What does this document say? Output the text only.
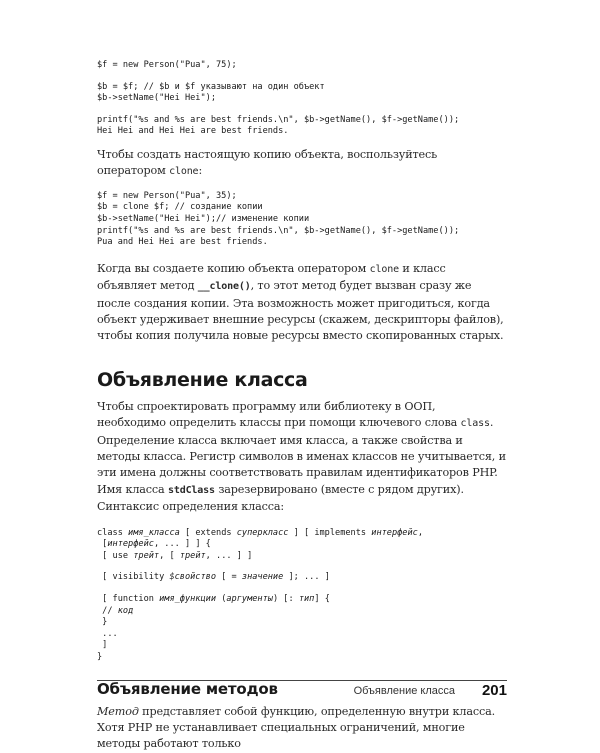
$f = new Person("Pua", 75);
$b = $f; // $b и $f указывают на один объект
$b->setName("Hei Hei");
printf("%s and %s are best friends.\n", $b->getName(), $f->getName());
Hei Hei and Hei Hei are best friends.

Чтобы создать настоящую копию объекта, воспользуйтесь оператором clone:

$f = new Person("Pua", 35);
$b = clone $f; // создание копии
$b->setName("Hei Hei");// изменение копии
printf("%s and %s are best friends.\n", $b->getName(), $f->getName());
Pua and Hei Hei are best friends.

Когда вы создаете копию объекта оператором clone и класс объявляет метод __clone(), то этот метод будет вызван сразу же после создания копии. Эта возможность может пригодиться, когда объект удерживает внешние ресурсы (скажем, дескрипторы файлов), чтобы копия получила новые ресурсы вместо скопированных старых.

Объявление класса

Чтобы спроектировать программу или библиотеку в ООП, необходимо определить классы при помощи ключевого слова class. Определение класса включает имя класса, а также свойства и методы класса. Регистр символов в именах классов не учитывается, и эти имена должны соответствовать правилам идентификаторов PHP. Имя класса stdClass зарезервировано (вместе с рядом других). Синтаксис определения класса:

class имя_класса [ extends суперкласс ] [ implements интерфейс,
[интерфейс, ... ] ] {
[ use трейт, [ трейт, ... ] ]
[ visibility $свойство [ = значение ]; ... ]
[ function имя_функции (аргументы) [: тип] {
// код
}
...
]
}
Объявление методов

Метод представляет собой функцию, определенную внутри класса. Хотя PHP не устанавливает специальных ограничений, многие методы работают только

Объявление класса 201
